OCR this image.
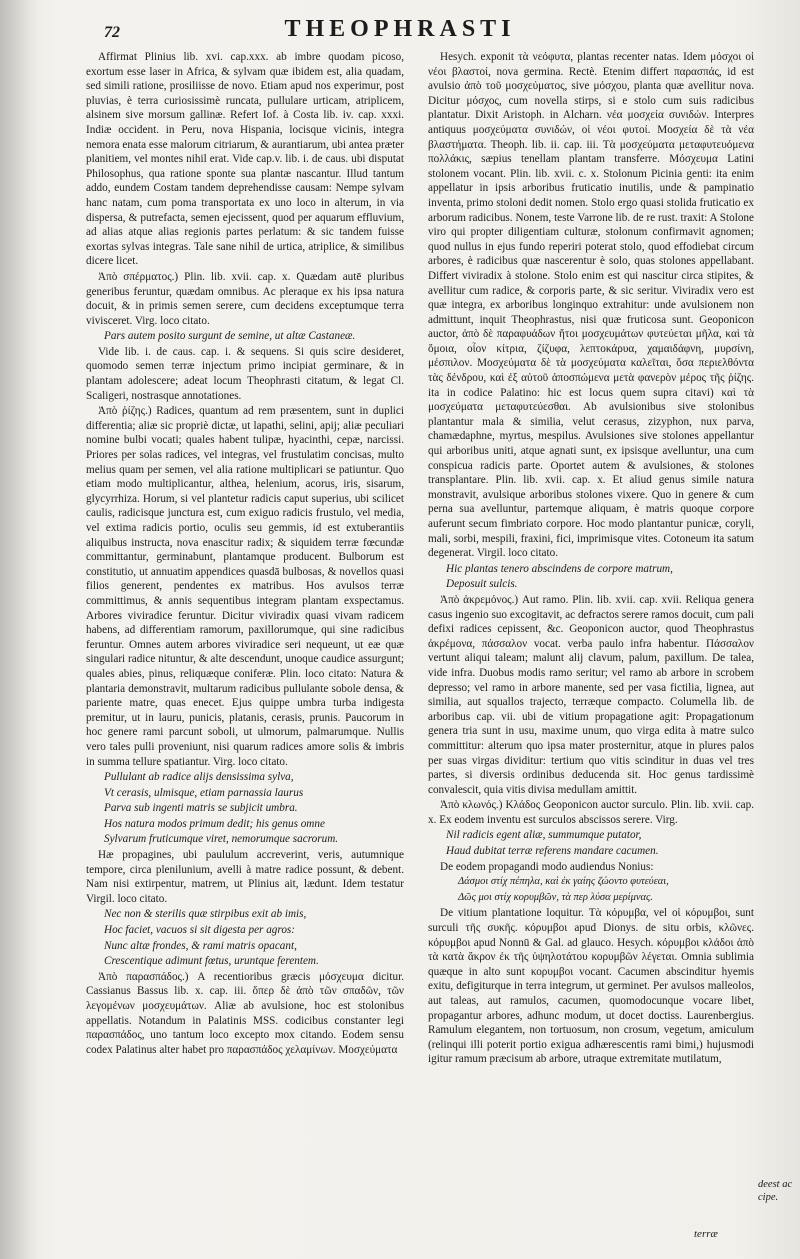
72	THEOPHRASTI

Affirmat Plinius lib. xvi. cap.xxx. ab imbre quodam picoso, exortum esse laser in Africa, & sylvam quæ ibidem est, alia quadam, sed simili ratione, prosiliisse de novo. Etiam apud nos experimur, post pluvias, è terra curiosissimè runcata, pullulare urticam, atriplicem, alsinem sive morsum gallinæ. Refert Iof. à Costa lib. iv. cap. xxxi. Indiæ occident. in Peru, nova Hispania, locisque vicinis, integra nemora enata esse malorum citriarum, & aurantiarum, ubi antea præter planitiem, vel montes nihil erat. Vide cap.v. lib. i. de caus. ubi disputat Philosophus, qua ratione sponte sua plantæ nascantur. Illud tantum addo, eundem Costam tandem deprehendisse causam: Nempe sylvam hanc natam, cum poma transportata ex uno loco in alterum, in via dispersa, & putrefacta, semen ejecissent, quod per aquarum effluvium, ad alias atque alias regionis partes perlatum: & sic tandem fuisse exortas sylvas integras. Tale sane nihil de urtica, atriplice, & similibus dicere licet.

Ἀπὸ σπέρματος.) Plin. lib. xvii. cap. x. Quædam autē pluribus generibus feruntur, quædam omnibus. Ac pleraque ex his ipsa natura docuit, & in primis semen serere, cum decidens exceptumque terra vivisceret. Virg. loco citato.

Pars autem posito surgunt de semine, ut altæ Castaneæ.

Vide lib. i. de caus. cap. i. & sequens. Si quis scire desideret, quomodo semen terræ injectum primo incipiat germinare, & in plantam adolescere; adeat locum Theophrasti citatum, & legat Cl. Scaligeri, nostrasque annotationes.

Ἀπὸ ῥίζης.) Radices, quantum ad rem præsentem, sunt in duplici differentia; aliæ sic propriè dictæ, ut lapathi, selini, apij; aliæ peculiari nomine bulbi vocati; quales habent tulipæ, hyacinthi, cepæ, narcissi. Priores per solas radices, vel integras, vel frustulatim concisas, multo melius quam per semen, vel alia ratione multiplicari se patiuntur. Quo etiam modo multiplicantur, althea, helenium, acorus, iris, sisarum, glycyrrhiza. Horum, si vel plantetur radicis caput superius, ubi scilicet caulis, radicisque junctura est, cum exiguo radicis frustulo, vel media, vel extima radicis portio, oculis seu gemmis, id est extuberantiis aliquibus instructa, nova enascitur radix; & siquidem terræ fœcundæ committantur, germinabunt, plantamque producent. Bulborum est constitutio, ut annuatim appendices quasdā bulbosas, & novellos quasi filios generent, pendentes ex matribus. Hos avulsos terræ committimus, & annis sequentibus integram plantam exspectamus. Arbores viviradice feruntur. Dicitur viviradix quasi vivam radicem habens, ad differentiam ramorum, paxillorumque, qui sine radicibus feruntur. Omnes autem arbores viviradice seri nequeunt, ut eæ quæ singulari radice nituntur, & alte descendunt, unoque caudice assurgunt; quales abies, pinus, reliquæque coniferæ. Plin. loco citato: Natura & plantaria demonstravit, multarum radicibus pullulante sobole densa, & pariente matre, quas enecet. Ejus quippe umbra turba indigesta premitur, ut in lauru, punicis, platanis, cerasis, prunis. Paucorum in hoc genere rami parcunt soboli, ut ulmorum, palmarumque. Nullis vero tales pulli proveniunt, nisi quarum radices amore solis & imbris in summa tellure spatiantur. Virg. loco citato.

Pullulant ab radice alijs densissima sylva,

Vt cerasis, ulmisque, etiam parnassia laurus

Parva sub ingenti matris se subjicit umbra.

Hos natura modos primum dedit; his genus omne

Sylvarum fruticumque viret, nemorumque sacrorum.

Hæ propagines, ubi paululum accreverint, veris, autumnique tempore, circa plenilunium, avelli à matre radice possunt, & debent. Nam nisi extirpentur, matrem, ut Plinius ait, lædunt. Idem testatur Virgil. loco citato.

Nec non & sterilis quæ stirpibus exit ab imis,

Hoc faciet, vacuos si sit digesta per agros:

Nunc altæ frondes, & rami matris opacant,

Crescentique adimunt fœtus, uruntque ferentem.

Ἀπὸ παρασπάδος.) A recentioribus græcis μόσχευμα dicitur. Cassianus Bassus lib. x. cap. iii. ὅπερ δὲ ἀπὸ τῶν σπαδῶν, τῶν λεγομένων μοσχευμάτων. Aliæ ab avulsione, hoc est stolonibus appellatis. Notandum in Palatinis MSS. codicibus constanter legi παρασπάδος, uno tantum loco excepto mox citando. Eodem sensu codex Palatinus alter habet pro παρασπάδος χελαμίνων. Μοσχεύματα

Hesych. exponit τὰ νεόφυτα, plantas recenter natas. Idem μόσχοι οἱ νέοι βλαστοί, nova germina. Rectè. Etenim differt παρασπάς, id est avulsio ἀπὸ τοῦ μοσχεύματος, sive μόσχου, planta quæ avellitur nova. Dicitur μόσχος, cum novella stirps, si e stolo cum suis radicibus plantatur. Dixit Aristoph. in Alcharn. νέα μοσχεία συνιδών. Interpres antiquus μοσχεύματα συνιδών, οἱ νέοι φυτοί. Μοσχεία δὲ τὰ νέα βλαστήματα. Theoph. lib. ii. cap. iii. Τὰ μοσχεύματα μεταφυτευόμενα πολλάκις, sæpius tenellam plantam transferre. Μόσχευμα Latini stolonem vocant. Plin. lib. xvii. c. x. Stolonum Picinia genti: ita enim appellatur in ipsis arboribus fruticatio inutilis, unde & pampinatio inventa, primo stoloni dedit nomen. Stolo ergo quasi stolida fruticatio ex arborum radicibus. Nonem, teste Varrone lib. de re rust. traxit: A Stolone viro qui propter diligentiam culturæ, stolonum confirmavit agnomen; quod nullus in ejus fundo reperiri poterat stolo, quod effodiebat circum arbores, è radicibus quæ nascerentur è solo, quas stolones appellabant. Differt viviradix à stolone. Stolo enim est qui nascitur circa stipites, & avellitur cum radice, & corporis parte, & sic seritur. Viviradix vero est quæ integra, ex arboribus longinquo extrahitur: unde avulsionem non admittunt, inquit Theophrastus, nisi quæ fruticosa sunt. Geoponicon auctor, ἀπὸ δὲ παραφυάδων ἤτοι μοσχευμάτων φυτεύεται μῆλα, καὶ τὰ ὅμοια, οἷον κίτρια, ζίζυφα, λεπτοκάρυα, χαμαιδάφνη, μυρσίνη, μέσπιλον. Μοσχεύματα δὲ τὰ μοσχεύματα καλεῖται, ὅσα περιελθόντα τὰς δένδρου, καὶ ἐξ αὐτοῦ ἀποσπώμενα μετὰ φανερὸν μέρος τῆς ῥίζης. ita in codice Palatino: hic est locus quem supra citavi) καὶ τὰ μοσχεύματα μεταφυτεύεσθαι. Ab avulsionibus sive stolonibus plantantur mala & similia, velut cerasus, zizyphon, nux parva, chamædaphne, myrtus, mespilus. Avulsiones sive stolones appellantur qui arboribus uniti, atque agnati sunt, ex ipsisque avelluntur, una cum conspicua radicis parte. Oportet autem & avulsiones, & stolones transplantare. Plin. lib. xvii. cap. x. Et aliud genus simile natura monstravit, avulsique arboribus stolones vixere. Quo in genere & cum perna sua avelluntur, partemque aliquam, è matris quoque corpore auferunt secum fimbriato corpore. Hoc modo plantantur punicæ, coryli, mali, sorbi, mespili, fraxini, fici, imprimisque vites. Cotoneum ita satum degenerat. Virgil. loco citato.

Hic plantas tenero abscindens de corpore matrum,

Deposuit sulcis.

Ἀπὸ ἀκρεμόνος.) Aut ramo. Plin. lib. xvii. cap. xvii. Reliqua genera casus ingenio suo excogitavit, ac defractos serere ramos docuit, cum pali defixi radices cepissent, &c. Geoponicon auctor, quod Theophrastus ἀκρέμονα, πάσσαλον vocat. verba paulo infra habentur. Πάσσαλον vertunt aliqui taleam; malunt alij clavum, palum, paxillum. De talea, vide infra. Duobus modis ramo seritur; vel ramo ab arbore in scrobem depresso; vel ramo in arbore manente, sed per vasa fictilia, lignea, aut similia, aut squallos trajecto, terræque compacto. Columella lib. de arboribus cap. vii. ubi de vitium propagatione agit: Propagationum genera tria sunt in usu, maxime unum, quo virga edita à matre sulco committitur: alterum quo ipsa mater prosternitur, atque in plures palos per suas virgas dividitur: tertium quo vitis scinditur in duas vel tres partes, si diversis ordinibus deducenda sit. Hoc genus tardissimè convalescit, quia vitis divisa medullam amittit.

Ἀπὸ κλωνός.) Κλάδος Geoponicon auctor surculo. Plin. lib. xvii. cap. x. Ex eodem inventu est surculos abscissos serere. Virg.

Nil radicis egent aliæ, summumque putator,

Haud dubitat terræ referens mandare cacumen.

De eodem propagandi modo audiendus Nonius:

Δάσμοι στίχ πέπηλα, καὶ ἐκ γαίης ζώοντο φυτεύεαι,

Δῶς μοι στίχ κορυμβῶν, τὰ περ λύσα μερίμνας.

De vitium plantatione loquitur. Τὰ κόρυμβα, vel οἱ κόρυμβοι, sunt surculi τῆς συκῆς. κόρυμβοι apud Dionys. de situ orbis, κλῶνες. κόρυμβοι apud Nonnū & Gal. ad glauco. Hesych. κόρυμβοι κλάδοι ἀπὸ τὰ κατὰ ἄκρον ἐκ τῆς ὑψηλοτάτου κορυμβῶν λέγεται. Omnia sublimia quæque in alto sunt κορυμβοι vocant. Cacumen abscinditur hyemis exitu, defigiturque in terra integrum, ut germinet. Per avulsos malleolos, aut taleas, aut ramulos, cacumen, quomodocunque vocare libet, propagantur arbores, adhunc modum, ut docet doctiss. Laurenbergius. Ramulum elegantem, non tortuosum, non crosum, vegetum, amiculum (relinqui illi poterit portio exigua adhærescentis rami bimi,) hujusmodi igitur ramum præcisum ab arbore, utraque extremitate mutilatum,

deest ac cipe.
terræ
